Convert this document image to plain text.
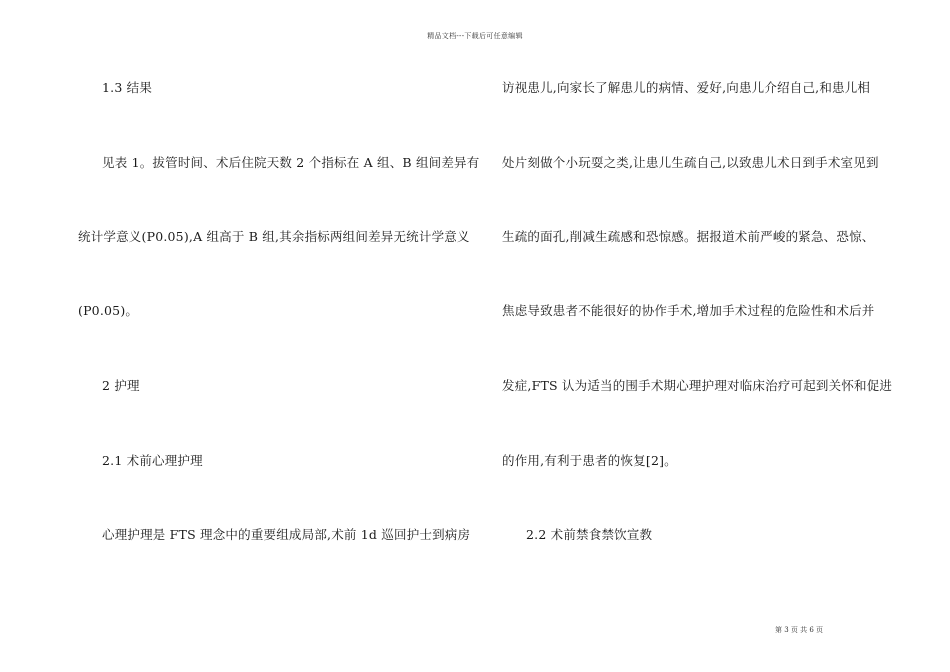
精品文档---下载后可任意编辑
1.3 结果
见表 1。拔管时间、术后住院天数 2 个指标在 A 组、B 组间差异有
统计学意义(P0.05),A 组高于 B 组,其余指标两组间差异无统计学意义
(P0.05)。
2 护理
2.1 术前心理护理
心理护理是 FTS 理念中的重要组成局部,术前 1d 巡回护士到病房
访视患儿,向家长了解患儿的病情、爱好,向患儿介绍自己,和患儿相
处片刻做个小玩耍之类,让患儿生疏自己,以致患儿术日到手术室见到
生疏的面孔,削减生疏感和恐惊感。据报道术前严峻的紧急、恐惊、
焦虑导致患者不能很好的协作手术,增加手术过程的危险性和术后并
发症,FTS 认为适当的围手术期心理护理对临床治疗可起到关怀和促进
的作用,有利于患者的恢复[2]。
2.2 术前禁食禁饮宣教
第 3 页 共 6 页
